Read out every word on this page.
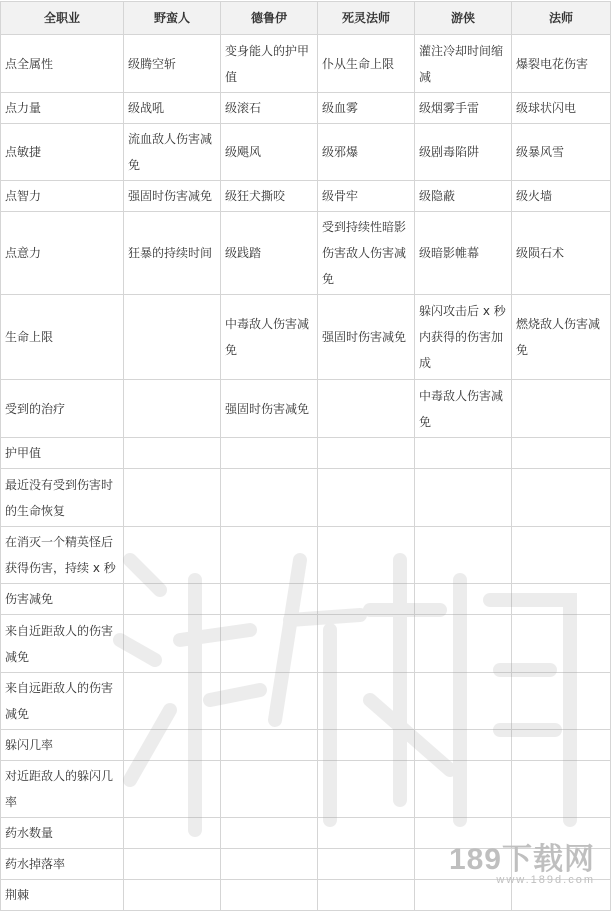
全职业	野蛮人	德鲁伊	死灵法师	游侠	法师
点全属性	级腾空斩	变身能人的护甲值	仆从生命上限	灌注冷却时间缩减	爆裂电花伤害
点力量	级战吼	级滚石	级血雾	级烟雾手雷	级球状闪电
点敏捷	流血敌人伤害减免	级飓风	级邪爆	级剧毒陷阱	级暴风雪
点智力	强固时伤害减免	级狂犬撕咬	级骨牢	级隐蔽	级火墙
点意力	狂暴的持续时间	级践踏	受到持续性暗影伤害敌人伤害减免	级暗影帷幕	级陨石术
生命上限		中毒敌人伤害减免	强固时伤害减免	躲闪攻击后 x 秒内获得的伤害加成	燃烧敌人伤害减免
受到的治疗		强固时伤害减免		中毒敌人伤害减免	
护甲值					
最近没有受到伤害时的生命恢复					
在消灭一个精英怪后获得伤害，持续 x 秒					
伤害减免					
来自近距敌人的伤害减免					
来自远距敌人的伤害减免					
躲闪几率					
对近距敌人的躲闪几率					
药水数量					
药水掉落率					
荆棘					
189下载网
www.189d.com
